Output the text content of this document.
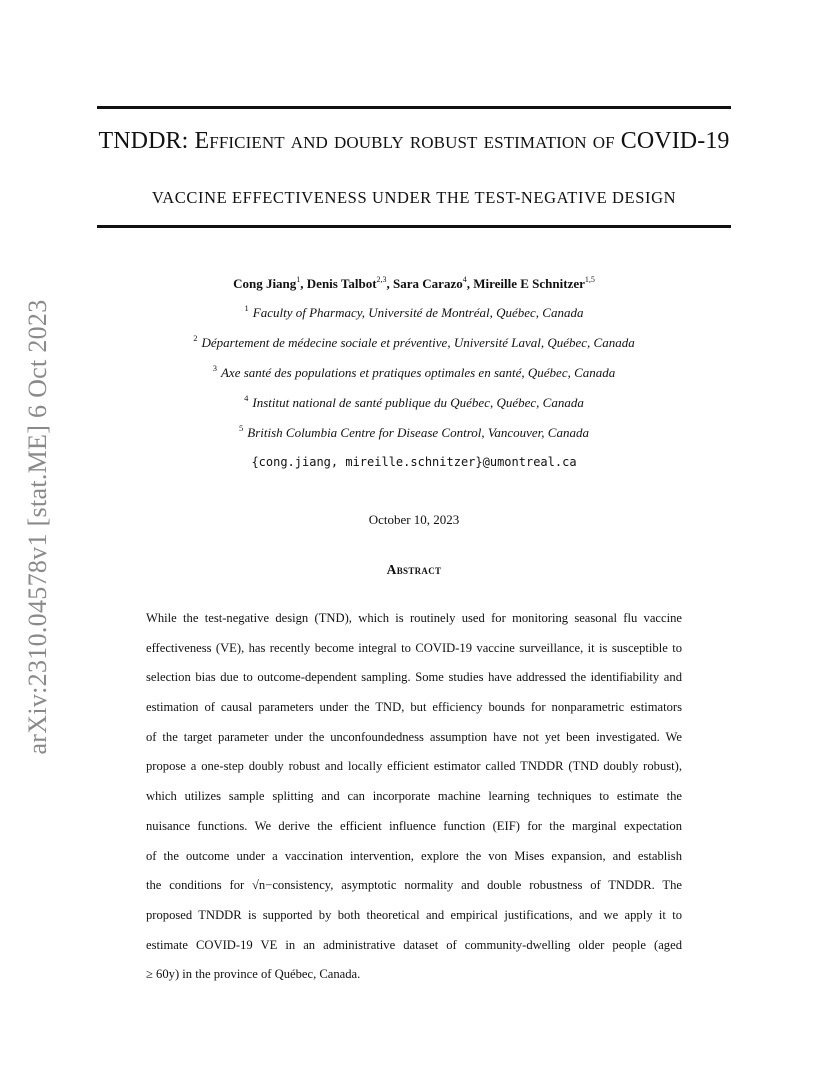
TNDDR: Efficient and doubly robust estimation of COVID-19
VACCINE EFFECTIVENESS UNDER THE TEST-NEGATIVE DESIGN
arXiv:2310.04578v1 [stat.ME] 6 Oct 2023
Cong Jiang$^1$, Denis Talbot$^{2,3}$, Sara Carazo$^4$, Mireille E Schnitzer$^{1,5}$
$^1$ Faculty of Pharmacy, Université de Montréal, Québec, Canada
$^2$ Département de médecine sociale et préventive, Université Laval, Québec, Canada
$^3$ Axe santé des populations et pratiques optimales en santé, Québec, Canada
$^4$ Institut national de santé publique du Québec, Québec, Canada
$^5$ British Columbia Centre for Disease Control, Vancouver, Canada
{cong.jiang, mireille.schnitzer}@umontreal.ca
October 10, 2023
Abstract
While the test-negative design (TND), which is routinely used for monitoring seasonal flu vaccine
effectiveness (VE), has recently become integral to COVID-19 vaccine surveillance, it is susceptible to
selection bias due to outcome-dependent sampling. Some studies have addressed the identifiability and
estimation of causal parameters under the TND, but efficiency bounds for nonparametric estimators
of the target parameter under the unconfoundedness assumption have not yet been investigated. We
propose a one-step doubly robust and locally efficient estimator called TNDDR (TND doubly robust),
which utilizes sample splitting and can incorporate machine learning techniques to estimate the
nuisance functions. We derive the efficient influence function (EIF) for the marginal expectation
of the outcome under a vaccination intervention, explore the von Mises expansion, and establish
the conditions for √n−consistency, asymptotic normality and double robustness of TNDDR. The
proposed TNDDR is supported by both theoretical and empirical justifications, and we apply it to
estimate COVID-19 VE in an administrative dataset of community-dwelling older people (aged
≥ 60y) in the province of Québec, Canada.
